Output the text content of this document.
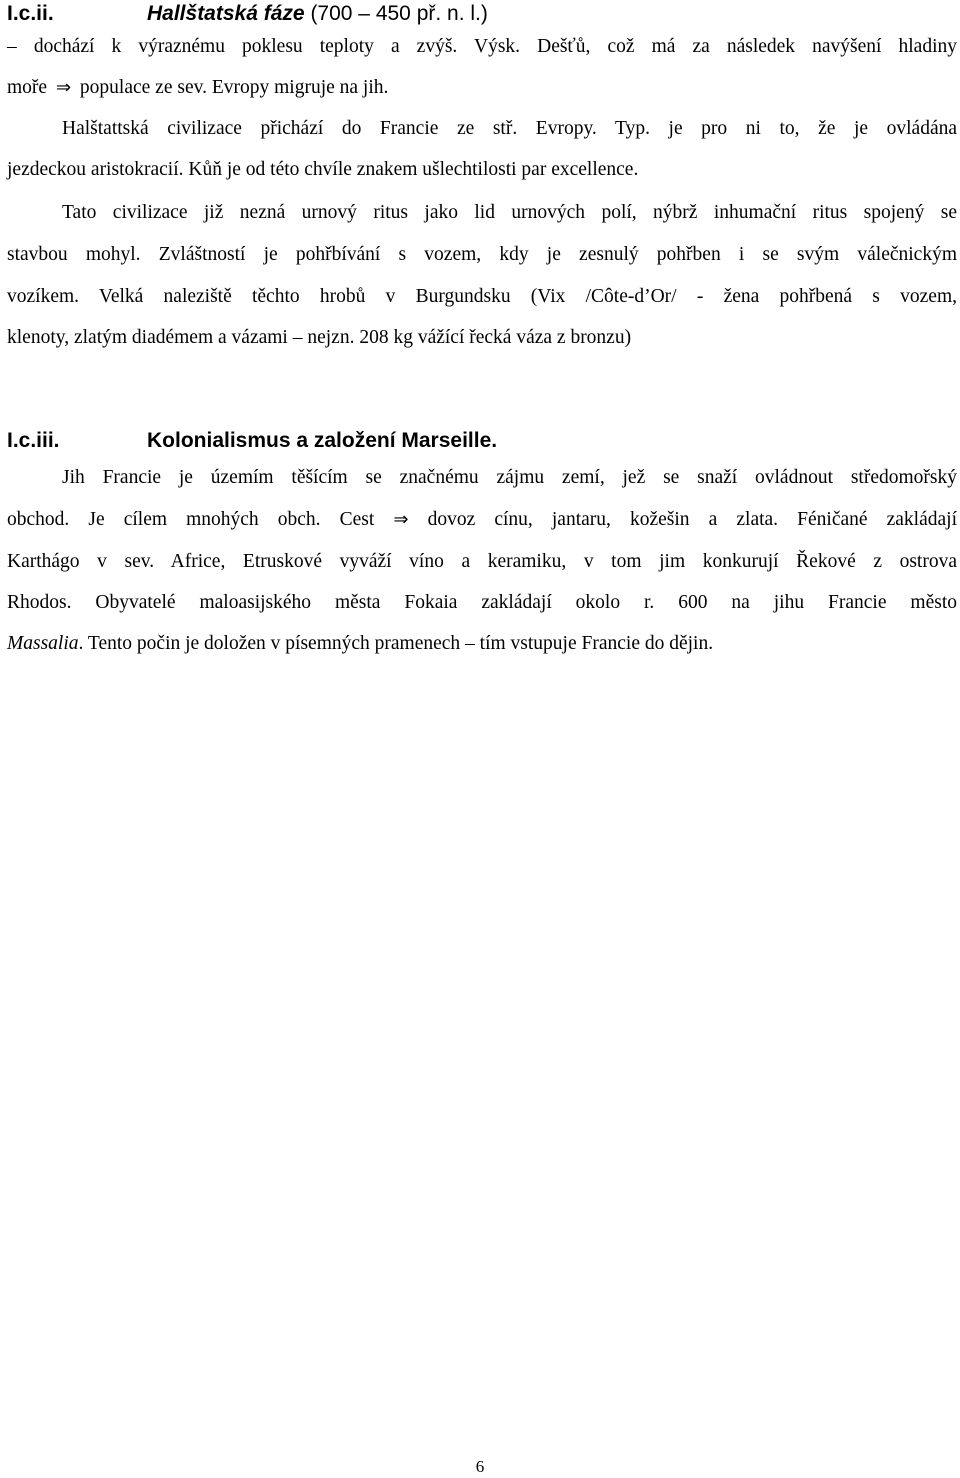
I.c.ii.	Hallštatská fáze (700 – 450 př. n. l.)
– dochází k výraznému poklesu teploty a zvýš. Výsk. Dešťů, což má za následek navýšení hladiny
moře ⇒ populace ze sev. Evropy migruje na jih.
Halštattská civilizace přichází do Francie ze stř. Evropy. Typ. je pro ni to, že je ovládána
jezdeckou aristokracií. Kůň je od této chvíle znakem ušlechtilosti par excellence.
Tato civilizace již nezná urnový ritus jako lid urnových polí, nýbrž inhumační ritus spojený se
stavbou mohyl. Zvláštností je pohřbívání s vozem, kdy je zesnulý pohřben i se svým válečnickým
vozíkem. Velká naleziště těchto hrobů v Burgundsku (Vix /Côte-d’Or/ - žena pohřbená s vozem,
klenoty, zlatým diadémem a vázami – nejzn. 208 kg vážící řecká váza z bronzu)
I.c.iii.	Kolonialismus a založení Marseille.
Jih Francie je územím těšícím se značnému zájmu zemí, jež se snaží ovládnout středomořský
obchod. Je cílem mnohých obch. Cest ⇒ dovoz cínu, jantaru, kožešin a zlata. Féničané zakládají
Karthágo v sev. Africe, Etruskové vyváží víno a keramiku, v tom jim konkurují Řekové z ostrova
Rhodos. Obyvatelé maloasijského města Fokaia zakládají okolo r. 600 na jihu Francie město
Massalia. Tento počin je doložen v písemných pramenech – tím vstupuje Francie do dějin.
6
